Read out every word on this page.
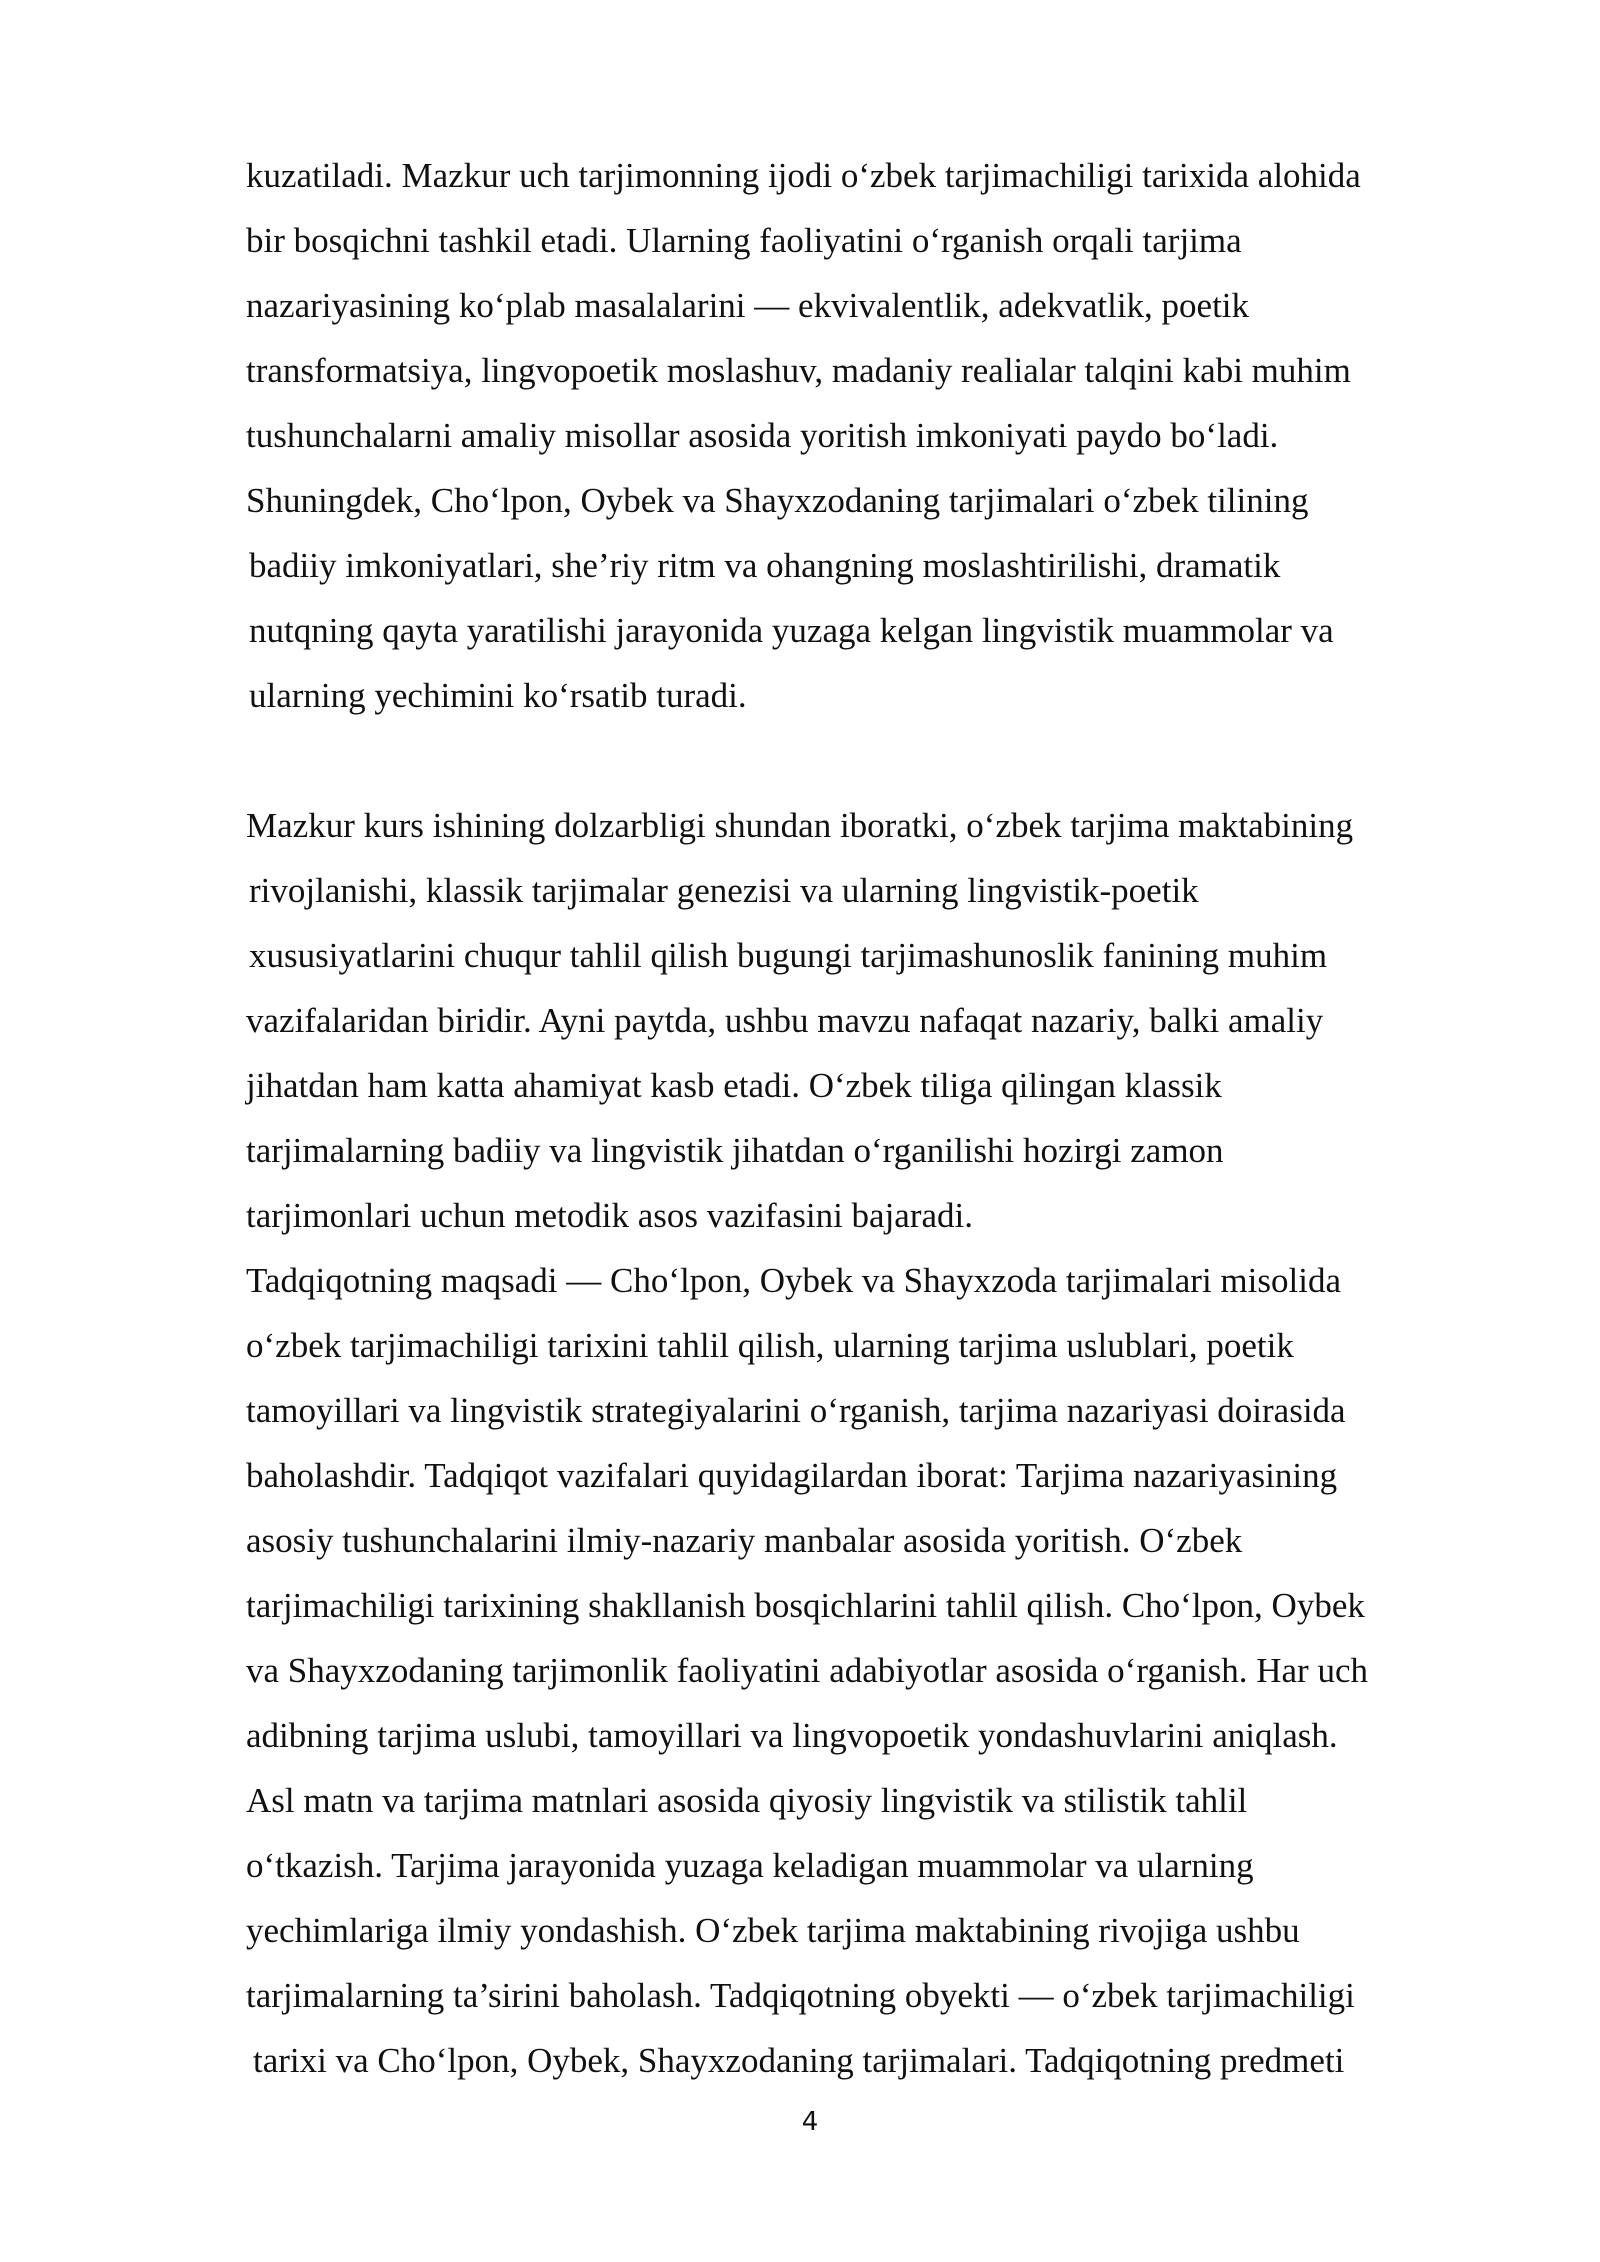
kuzatiladi. Mazkur uch tarjimonning ijodi o‘zbek tarjimachiligi tarixida alohida
bir bosqichni tashkil etadi. Ularning faoliyatini o‘rganish orqali tarjima
nazariyasining ko‘plab masalalarini — ekvivalentlik, adekvatlik, poetik
transformatsiya, lingvopoetik moslashuv, madaniy realialar talqini kabi muhim
tushunchalarni amaliy misollar asosida yoritish imkoniyati paydo bo‘ladi.
Shuningdek, Cho‘lpon, Oybek va Shayxzodaning tarjimalari o‘zbek tilining
badiiy imkoniyatlari, she’riy ritm va ohangning moslashtirilishi, dramatik
nutqning qayta yaratilishi jarayonida yuzaga kelgan lingvistik muammolar va
ularning yechimini ko‘rsatib turadi.
Mazkur kurs ishining dolzarbligi shundan iboratki, o‘zbek tarjima maktabining
rivojlanishi, klassik tarjimalar genezisi va ularning lingvistik-poetik
xususiyatlarini chuqur tahlil qilish bugungi tarjimashunoslik fanining muhim
vazifalaridan biridir. Ayni paytda, ushbu mavzu nafaqat nazariy, balki amaliy
jihatdan ham katta ahamiyat kasb etadi. O‘zbek tiliga qilingan klassik
tarjimalarning badiiy va lingvistik jihatdan o‘rganilishi hozirgi zamon
tarjimonlari uchun metodik asos vazifasini bajaradi.
Tadqiqotning maqsadi — Cho‘lpon, Oybek va Shayxzoda tarjimalari misolida
o‘zbek tarjimachiligi tarixini tahlil qilish, ularning tarjima uslublari, poetik
tamoyillari va lingvistik strategiyalarini o‘rganish, tarjima nazariyasi doirasida
baholashdir. Tadqiqot vazifalari quyidagilardan iborat: Tarjima nazariyasining
asosiy tushunchalarini ilmiy-nazariy manbalar asosida yoritish. O‘zbek
tarjimachiligi tarixining shakllanish bosqichlarini tahlil qilish. Cho‘lpon, Oybek
va Shayxzodaning tarjimonlik faoliyatini adabiyotlar asosida o‘rganish. Har uch
adibning tarjima uslubi, tamoyillari va lingvopoetik yondashuvlarini aniqlash.
Asl matn va tarjima matnlari asosida qiyosiy lingvistik va stilistik tahlil
o‘tkazish. Tarjima jarayonida yuzaga keladigan muammolar va ularning
yechimlariga ilmiy yondashish. O‘zbek tarjima maktabining rivojiga ushbu
tarjimalarning ta’sirini baholash. Tadqiqotning obyekti — o‘zbek tarjimachiligi
tarixi va Cho‘lpon, Oybek, Shayxzodaning tarjimalari. Tadqiqotning predmeti
4
